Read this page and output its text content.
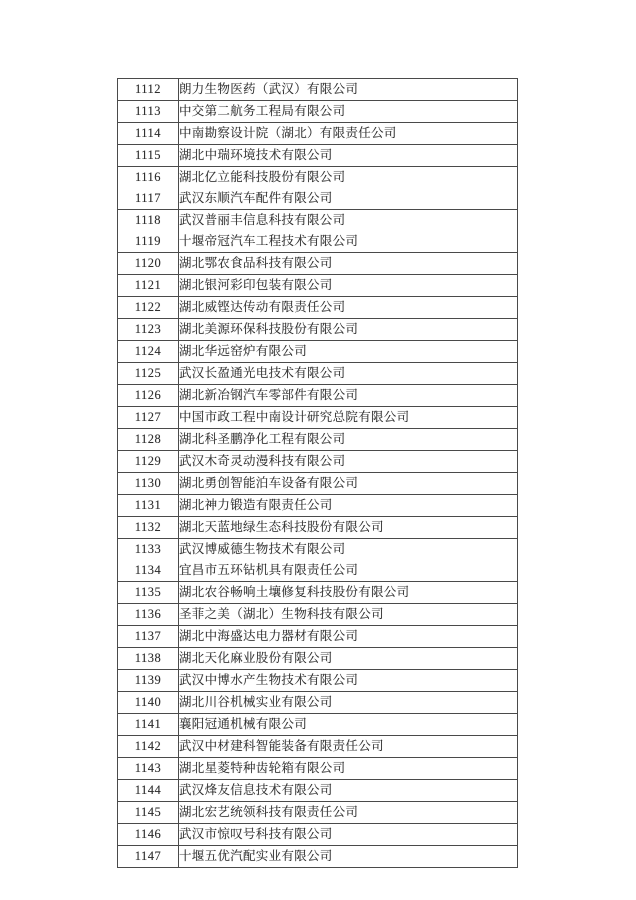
1112	朗力生物医药（武汉）有限公司
1113	中交第二航务工程局有限公司
1114	中南勘察设计院（湖北）有限责任公司
1115	湖北中瑞环境技术有限公司
1116	湖北亿立能科技股份有限公司
1117	武汉东顺汽车配件有限公司
1118	武汉普丽丰信息科技有限公司
1119	十堰帝冠汽车工程技术有限公司
1120	湖北鄂农食品科技有限公司
1121	湖北银河彩印包装有限公司
1122	湖北威铿达传动有限责任公司
1123	湖北美源环保科技股份有限公司
1124	湖北华远窑炉有限公司
1125	武汉长盈通光电技术有限公司
1126	湖北新冶钢汽车零部件有限公司
1127	中国市政工程中南设计研究总院有限公司
1128	湖北科圣鹏净化工程有限公司
1129	武汉木奇灵动漫科技有限公司
1130	湖北勇创智能泊车设备有限公司
1131	湖北神力锻造有限责任公司
1132	湖北天蓝地绿生态科技股份有限公司
1133	武汉博威德生物技术有限公司
1134	宜昌市五环钻机具有限责任公司
1135	湖北农谷畅响土壤修复科技股份有限公司
1136	圣菲之美（湖北）生物科技有限公司
1137	湖北中海盛达电力器材有限公司
1138	湖北天化麻业股份有限公司
1139	武汉中博水产生物技术有限公司
1140	湖北川谷机械实业有限公司
1141	襄阳冠通机械有限公司
1142	武汉中材建科智能装备有限责任公司
1143	湖北星菱特种齿轮箱有限公司
1144	武汉烽友信息技术有限公司
1145	湖北宏艺统领科技有限责任公司
1146	武汉市惊叹号科技有限公司
1147	十堰五优汽配实业有限公司
